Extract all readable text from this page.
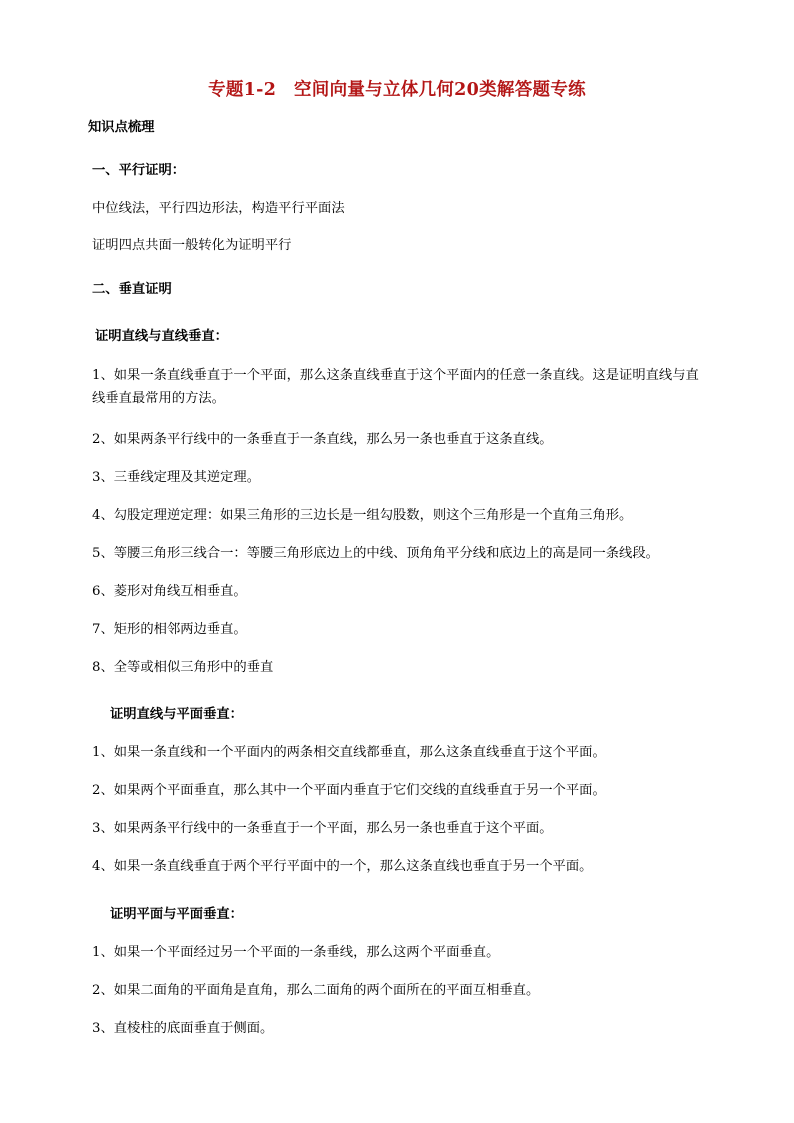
专题1-2　空间向量与立体几何20类解答题专练
知识点梳理
一、平行证明：
中位线法，平行四边形法，构造平行平面法
证明四点共面一般转化为证明平行
二、垂直证明
证明直线与直线垂直：
1、如果一条直线垂直于一个平面，那么这条直线垂直于这个平面内的任意一条直线。这是证明直线与直线垂直最常用的方法。
2、如果两条平行线中的一条垂直于一条直线，那么另一条也垂直于这条直线。
3、三垂线定理及其逆定理。
4、勾股定理逆定理：如果三角形的三边长是一组勾股数，则这个三角形是一个直角三角形。
5、等腰三角形三线合一：等腰三角形底边上的中线、顶角角平分线和底边上的高是同一条线段。
6、菱形对角线互相垂直。
7、矩形的相邻两边垂直。
8、全等或相似三角形中的垂直
证明直线与平面垂直：
1、如果一条直线和一个平面内的两条相交直线都垂直，那么这条直线垂直于这个平面。
2、如果两个平面垂直，那么其中一个平面内垂直于它们交线的直线垂直于另一个平面。
3、如果两条平行线中的一条垂直于一个平面，那么另一条也垂直于这个平面。
4、如果一条直线垂直于两个平行平面中的一个，那么这条直线也垂直于另一个平面。
证明平面与平面垂直：
1、如果一个平面经过另一个平面的一条垂线，那么这两个平面垂直。
2、如果二面角的平面角是直角，那么二面角的两个面所在的平面互相垂直。
3、直棱柱的底面垂直于侧面。
